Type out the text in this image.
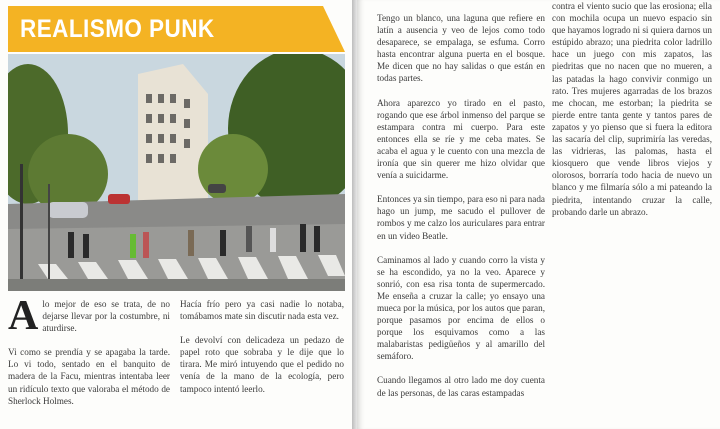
REALISMO PUNK

Alo mejor de eso se trata, de no dejarse llevar por la costumbre, ni aturdirse.

Vi como se prendía y se apagaba la tarde. Lo vi todo, sentado en el banquito de madera de la Facu, mientras intentaba leer un ridículo texto que valoraba el método de Sherlock Holmes.

Hacía frío pero ya casi nadie lo notaba, tomábamos mate sin discutir nada esta vez.

Le devolví con delicadeza un pedazo de papel roto que sobraba y le dije que lo tirara. Me miró intuyendo que el pedido no venía de la mano de la ecología, pero tampoco intentó leerlo.

Tengo un blanco, una laguna que refiere en latín a ausencia y veo de lejos como todo desaparece, se empalaga, se esfuma. Corro hasta encontrar alguna puerta en el bosque. Me dicen que no hay salidas o que están en todas partes.

Ahora aparezco yo tirado en el pasto, rogando que ese árbol inmenso del parque se estampara contra mi cuerpo. Para este entonces ella se ríe y me ceba mates. Se acaba el agua y le cuento con una mezcla de ironía que sin querer me hizo olvidar que venía a suicidarme.

Entonces ya sin tiempo, para eso ni para nada hago un jump, me sacudo el pullover de rombos y me calzo los auriculares para entrar en un video Beatle.

Caminamos al lado y cuando corro la vista y se ha escondido, ya no la veo. Aparece y sonrió, con esa risa tonta de supermercado. Me enseña a cruzar la calle; yo ensayo una mueca por la música, por los autos que paran, porque pasamos por encima de ellos o porque los esquivamos como a las malabaristas pedigüeños y al amarillo del semáforo.

Cuando llegamos al otro lado me doy cuenta de las personas, de las caras estampadas

contra el viento sucio que las erosiona; ella con mochila ocupa un nuevo espacio sin que hayamos logrado ni si quiera darnos un estúpido abrazo; una piedrita color ladrillo hace un juego con mis zapatos, las piedritas que no nacen que no mueren, a las patadas la hago convivir conmigo un rato. Tres mujeres agarradas de los brazos me chocan, me estorban; la piedrita se pierde entre tanta gente y tantos pares de zapatos y yo pienso que si fuera la editora las sacaría del clip, suprimiría las veredas, las vidrieras, las palomas, hasta el kiosquero que vende libros viejos y olorosos, borraría todo hacia de nuevo un blanco y me filmaría sólo a mi pateando la piedrita, intentando cruzar la calle, probando darle un abrazo.
